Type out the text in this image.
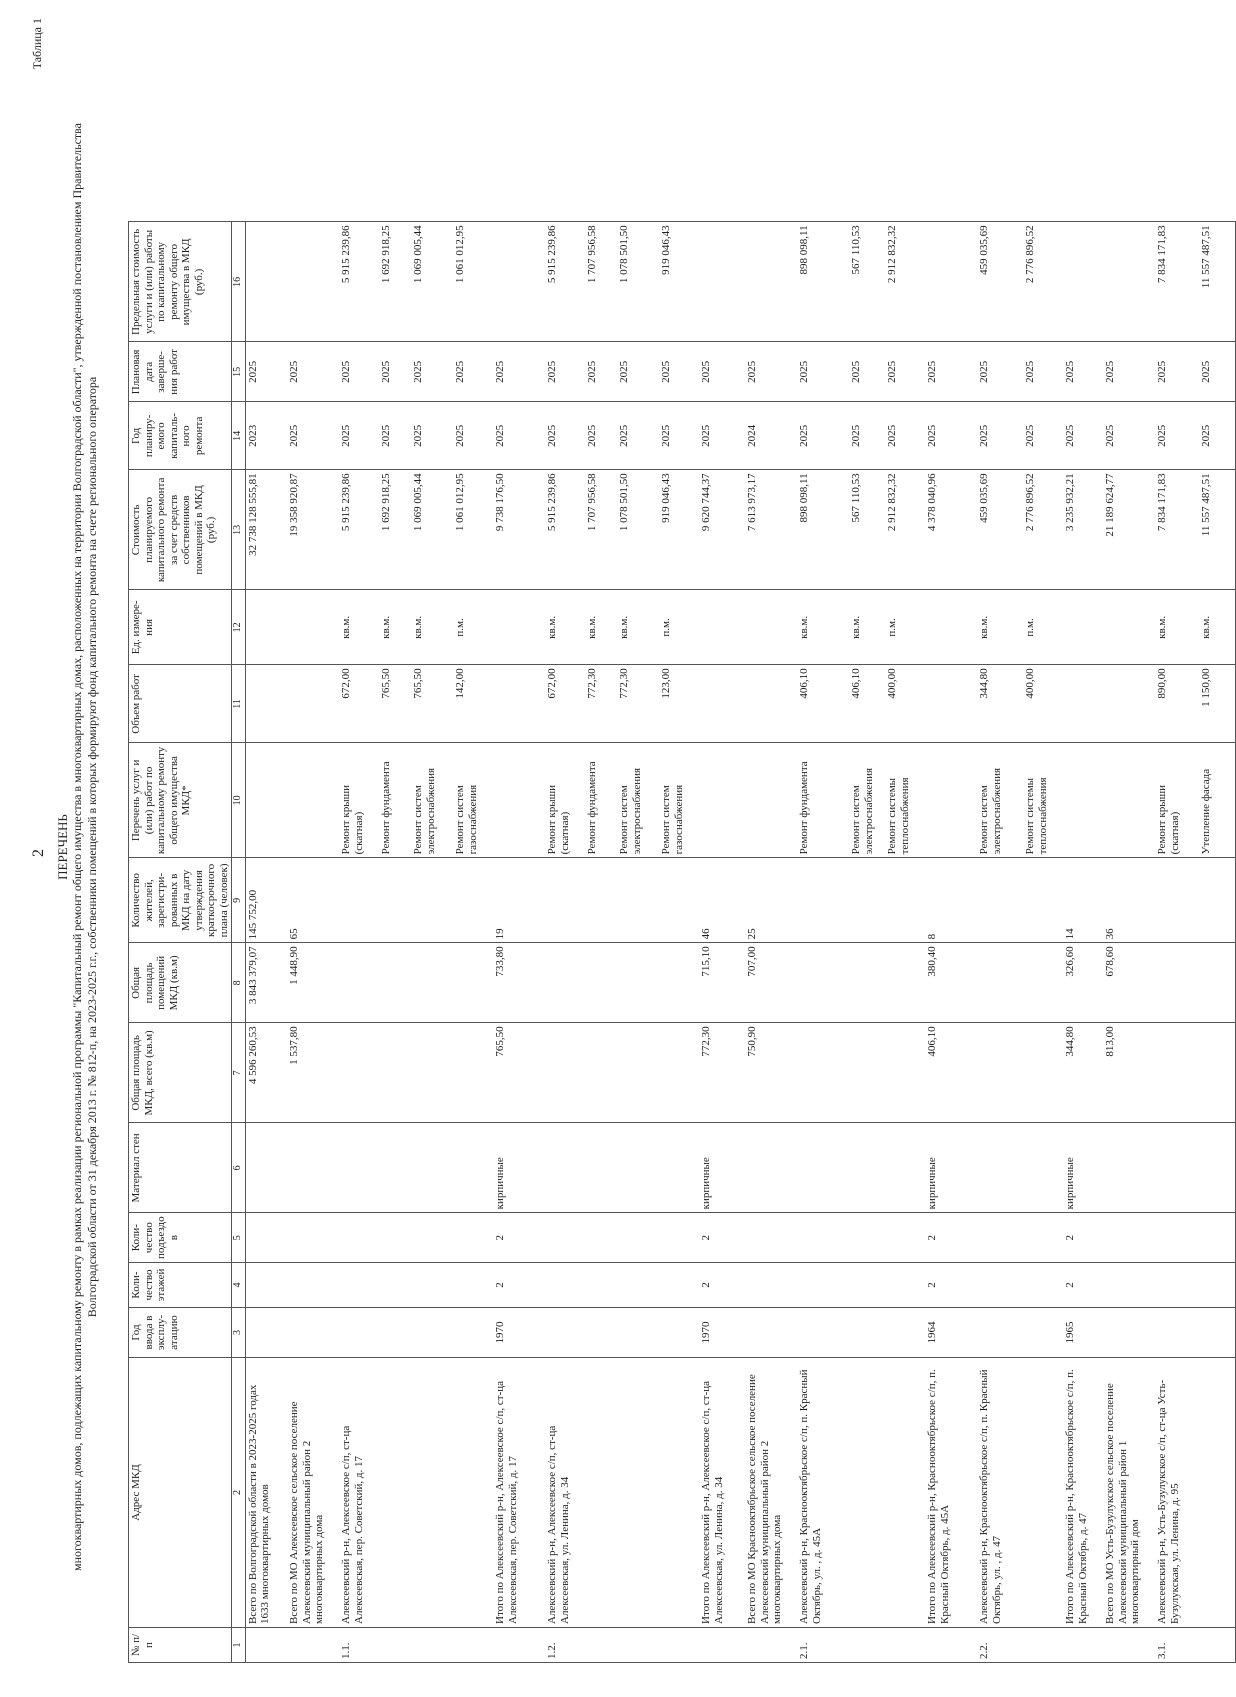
2
Таблица 1
ПЕРЕЧЕНЬ многоквартирных домов, подлежащих капитальному ремонту в рамках реализации региональной программы "Капитальный ремонт общего имущества в многоквартирных домах, расположенных на территории Волгоградской области", утвержденной постановлением Правительства Волгоградской области от 31 декабря 2013 г. № 812-п, на 2023-2025 г.г., собственники помещений в которых формируют фонд капитального ремонта на счете регионального оператора
№ п/п	Адрес МКД	Год ввода в эксплу-атацию	Коли-чество этажей	Коли-чество подъездо в	Материал стен	Общая площадь МКД, всего (кв.м)	Общая площадь помещений МКД (кв.м)	Количество жителей, зарегистри-рованных в МКД на дату утверждения краткосрочного плана (человек)	Перечень услуг и (или) работ по капитальному ремонту общего имущества МКД*	Объем работ	Ед. измере-ния	Стоимость планируемого капитального ремонта за счет средств собственников помещений в МКД (руб.)	Год планиру-емого капиталь-ного ремонта	Плановая дата заверше-ния работ	Предельная стоимость услуги и (или) работы по капитальному ремонту общего имущества в МКД (руб.)
1	2	3	4	5	6	7	8	9	10	11	12	13	14	15	16
	Всего по Волгоградской области в 2023-2025 годах 1633 многоквартирных домов					4 596 260,53	3 843 379,07	145 752,00				32 738 128 555,81	2023	2025	
	Всего по МО Алексеевское сельское поселение Алексеевский муниципальный район 2 многоквартирных дома					1 537,80	1 448,90	65				19 358 920,87	2025	2025	
1.1.	Алексеевский р-н, Алексеевское с/п, ст-ца Алексеевская, пер. Советский, д. 17								Ремонт крыши (скатная)	672,00	кв.м.	5 915 239,86	2025	2025	5 915 239,86
									Ремонт фундамента	765,50	кв.м.	1 692 918,25	2025	2025	1 692 918,25
									Ремонт систем электроснабжения	765,50	кв.м.	1 069 005,44	2025	2025	1 069 005,44
									Ремонт систем газоснабжения	142,00	п.м.	1 061 012,95	2025	2025	1 061 012,95
	Итого по Алексеевский р-н, Алексеевское с/п, ст-ца Алексеевская, пер. Советский, д. 17	1970	2	2	кирпичные	765,50	733,80	19				9 738 176,50	2025	2025	
1.2.	Алексеевский р-н, Алексеевское с/п, ст-ца Алексеевская, ул. Ленина, д. 34								Ремонт крыши (скатная)	672,00	кв.м.	5 915 239,86	2025	2025	5 915 239,86
									Ремонт фундамента	772,30	кв.м.	1 707 956,58	2025	2025	1 707 956,58
									Ремонт систем электроснабжения	772,30	кв.м.	1 078 501,50	2025	2025	1 078 501,50
									Ремонт систем газоснабжения	123,00	п.м.	919 046,43	2025	2025	919 046,43
	Итого по Алексеевский р-н, Алексеевское с/п, ст-ца Алексеевская, ул. Ленина, д. 34	1970	2	2	кирпичные	772,30	715,10	46				9 620 744,37	2025	2025	
	Всего по МО Краснооктябрьское сельское поселение Алексеевский муниципальный район 2 многоквартирных дома					750,90	707,00	25				7 613 973,17	2024	2025	
2.1.	Алексеевский р-н, Краснооктябрьское с/п, п. Красный Октябрь, ул. , д. 45А								Ремонт фундамента	406,10	кв.м.	898 098,11	2025	2025	898 098,11
									Ремонт систем электроснабжения	406,10	кв.м.	567 110,53	2025	2025	567 110,53
									Ремонт системы теплоснабжения	400,00	п.м.	2 912 832,32	2025	2025	2 912 832,32
	Итого по Алексеевский р-н, Краснооктябрьское с/п, п. Красный Октябрь, д. 45А	1964	2	2	кирпичные	406,10	380,40	8				4 378 040,96	2025	2025	
2.2.	Алексеевский р-н, Краснооктябрьское с/п, п. Красный Октябрь, ул. , д. 47								Ремонт систем электроснабжения	344,80	кв.м.	459 035,69	2025	2025	459 035,69
									Ремонт системы теплоснабжения	400,00	п.м.	2 776 896,52	2025	2025	2 776 896,52
	Итого по Алексеевский р-н, Краснооктябрьское с/п, п. Красный Октябрь, д. 47	1965	2	2	кирпичные	344,80	326,60	14				3 235 932,21	2025	2025	
	Всего по МО Усть-Бузулукское сельское поселение Алексеевский муниципальный район 1 многоквартирный дом					813,00	678,60	36				21 189 624,77	2025	2025	
3.1.	Алексеевский р-н, Усть-Бузулукское с/п, ст-ца Усть-Бузулукская, ул. Ленина, д. 95								Ремонт крыши (скатная)	890,00	кв.м.	7 834 171,83	2025	2025	7 834 171,83
									Утепление фасада	1 150,00	кв.м.	11 557 487,51	2025	2025	11 557 487,51
